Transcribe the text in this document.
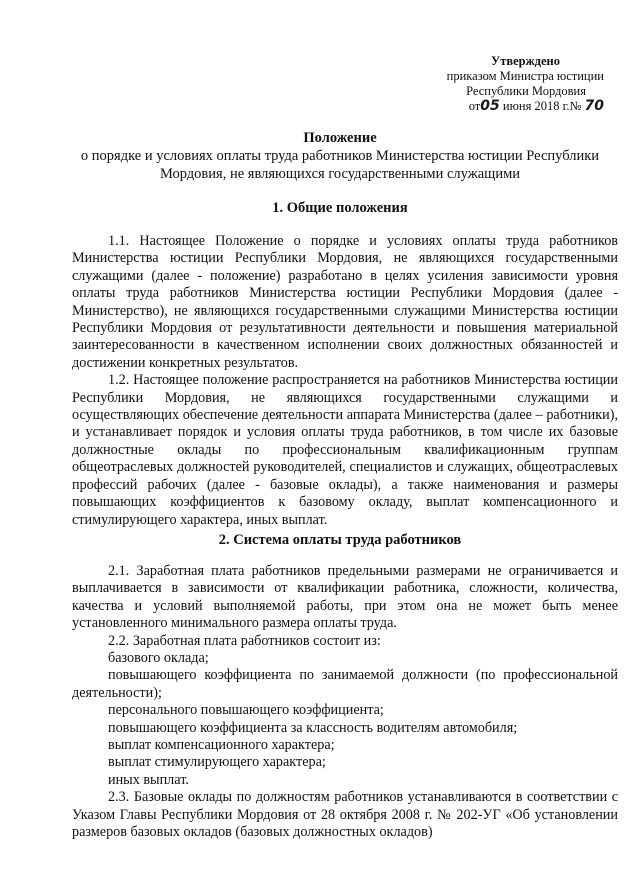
Утверждено
приказом Министра юстиции
Республики Мордовия
от05 июня 2018 г.№ 70
Положение
о порядке и условиях оплаты труда работников Министерства юстиции Республики
Мордовия, не являющихся государственными служащими
1. Общие положения

1.1. Настоящее Положение о порядке и условиях оплаты труда работников Министерства юстиции Республики Мордовия, не являющихся государственными служащими (далее - положение) разработано в целях усиления зависимости уровня оплаты труда работников Министерства юстиции Республики Мордовия (далее - Министерство), не являющихся государственными служащими Министерства юстиции Республики Мордовия от результативности деятельности и повышения материальной заинтересованности в качественном исполнении своих должностных обязанностей и достижении конкретных результатов.

1.2. Настоящее положение распространяется на работников Министерства юстиции Республики Мордовия, не являющихся государственными служащими и осуществляющих обеспечение деятельности аппарата Министерства (далее – работники), и устанавливает порядок и условия оплаты труда работников, в том числе их базовые должностные оклады по профессиональным квалификационным группам общеотраслевых должностей руководителей, специалистов и служащих, общеотраслевых профессий рабочих (далее - базовые оклады), а также наименования и размеры повышающих коэффициентов к базовому окладу, выплат компенсационного и стимулирующего характера, иных выплат.

2. Система оплаты труда работников

2.1. Заработная плата работников предельными размерами не ограничивается и выплачивается в зависимости от квалификации работника, сложности, количества, качества и условий выполняемой работы, при этом она не может быть менее установленного минимального размера оплаты труда.

2.2. Заработная плата работников состоит из:

базового оклада;
повышающего коэффициента по занимаемой должности (по профессиональной деятельности);
персонального повышающего коэффициента;
повышающего коэффициента за классность водителям автомобиля;
выплат компенсационного характера;
выплат стимулирующего характера;
иных выплат.

2.3. Базовые оклады по должностям работников устанавливаются в соответствии с Указом Главы Республики Мордовия от 28 октября 2008 г. № 202-УГ «Об установлении размеров базовых окладов (базовых должностных окладов)
